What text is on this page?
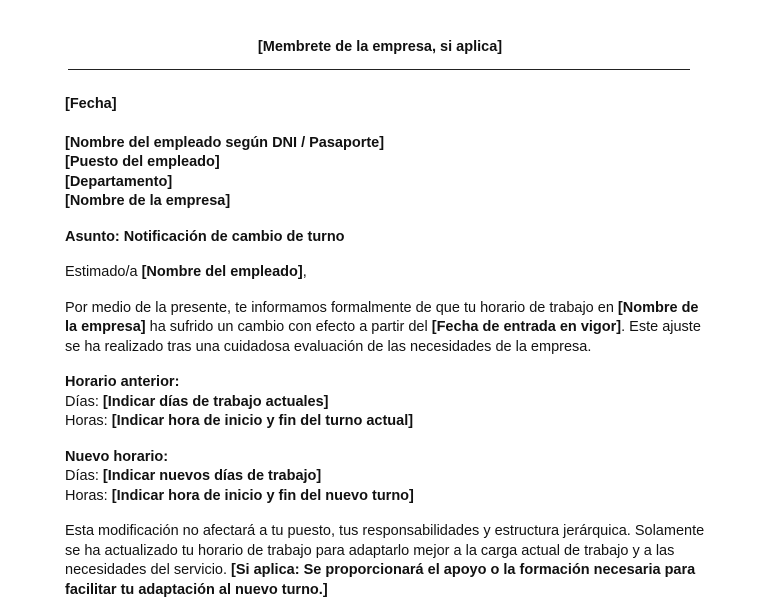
[Membrete de la empresa, si aplica]

[Fecha]

[Nombre del empleado según DNI / Pasaporte]

[Puesto del empleado]

[Departamento]

[Nombre de la empresa]

Asunto: Notificación de cambio de turno

Estimado/a [Nombre del empleado],

Por medio de la presente, te informamos formalmente de que tu horario de trabajo en [Nombre de la empresa] ha sufrido un cambio con efecto a partir del [Fecha de entrada en vigor]. Este ajuste se ha realizado tras una cuidadosa evaluación de las necesidades de la empresa.

Horario anterior:

Días: [Indicar días de trabajo actuales]

Horas: [Indicar hora de inicio y fin del turno actual]

Nuevo horario:

Días: [Indicar nuevos días de trabajo]

Horas: [Indicar hora de inicio y fin del nuevo turno]

Esta modificación no afectará a tu puesto, tus responsabilidades y estructura jerárquica. Solamente se ha actualizado tu horario de trabajo para adaptarlo mejor a la carga actual de trabajo y a las necesidades del servicio. [Si aplica: Se proporcionará el apoyo o la formación necesaria para facilitar tu adaptación al nuevo turno.]
